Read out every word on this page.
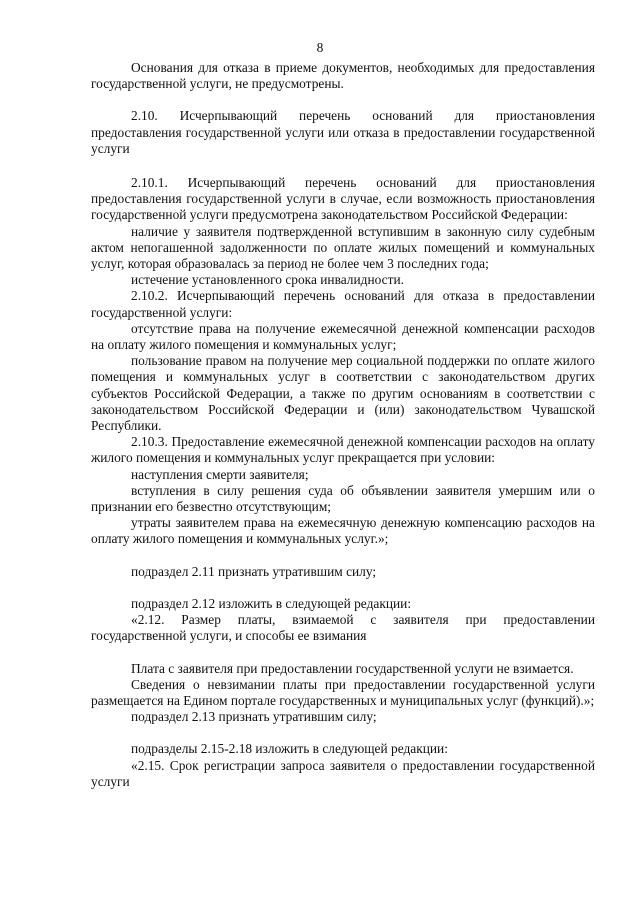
8

Основания для отказа в приеме документов, необходимых для предоставления государственной услуги, не предусмотрены.

2.10. Исчерпывающий перечень оснований для приостановления предоставления государственной услуги или отказа в предоставлении государственной услуги

2.10.1. Исчерпывающий перечень оснований для приостановления предоставления государственной услуги в случае, если возможность приостановления государственной услуги предусмотрена законодательством Российской Федерации:

наличие у заявителя подтвержденной вступившим в законную силу судебным актом непогашенной задолженности по оплате жилых помещений и коммунальных услуг, которая образовалась за период не более чем 3 последних года;

истечение установленного срока инвалидности.

2.10.2. Исчерпывающий перечень оснований для отказа в предоставлении государственной услуги:

отсутствие права на получение ежемесячной денежной компенсации расходов на оплату жилого помещения и коммунальных услуг;

пользование правом на получение мер социальной поддержки по оплате жилого помещения и коммунальных услуг в соответствии с законодательством других субъектов Российской Федерации, а также по другим основаниям в соответствии с законодательством Российской Федерации и (или) законодательством Чувашской Республики.

2.10.3. Предоставление ежемесячной денежной компенсации расходов на оплату жилого помещения и коммунальных услуг прекращается при условии:

наступления смерти заявителя;

вступления в силу решения суда об объявлении заявителя умершим или о признании его безвестно отсутствующим;

утраты заявителем права на ежемесячную денежную компенсацию расходов на оплату жилого помещения и коммунальных услуг.»;

подраздел 2.11 признать утратившим силу;

подраздел 2.12 изложить в следующей редакции:

«2.12. Размер платы, взимаемой с заявителя при предоставлении государственной услуги, и способы ее взимания

Плата с заявителя при предоставлении государственной услуги не взимается.

Сведения о невзимании платы при предоставлении государственной услуги размещается на Едином портале государственных и муниципальных услуг (функций).»;

подраздел 2.13 признать утратившим силу;

подразделы 2.15-2.18 изложить в следующей редакции:

«2.15. Срок регистрации запроса заявителя о предоставлении государственной услуги
